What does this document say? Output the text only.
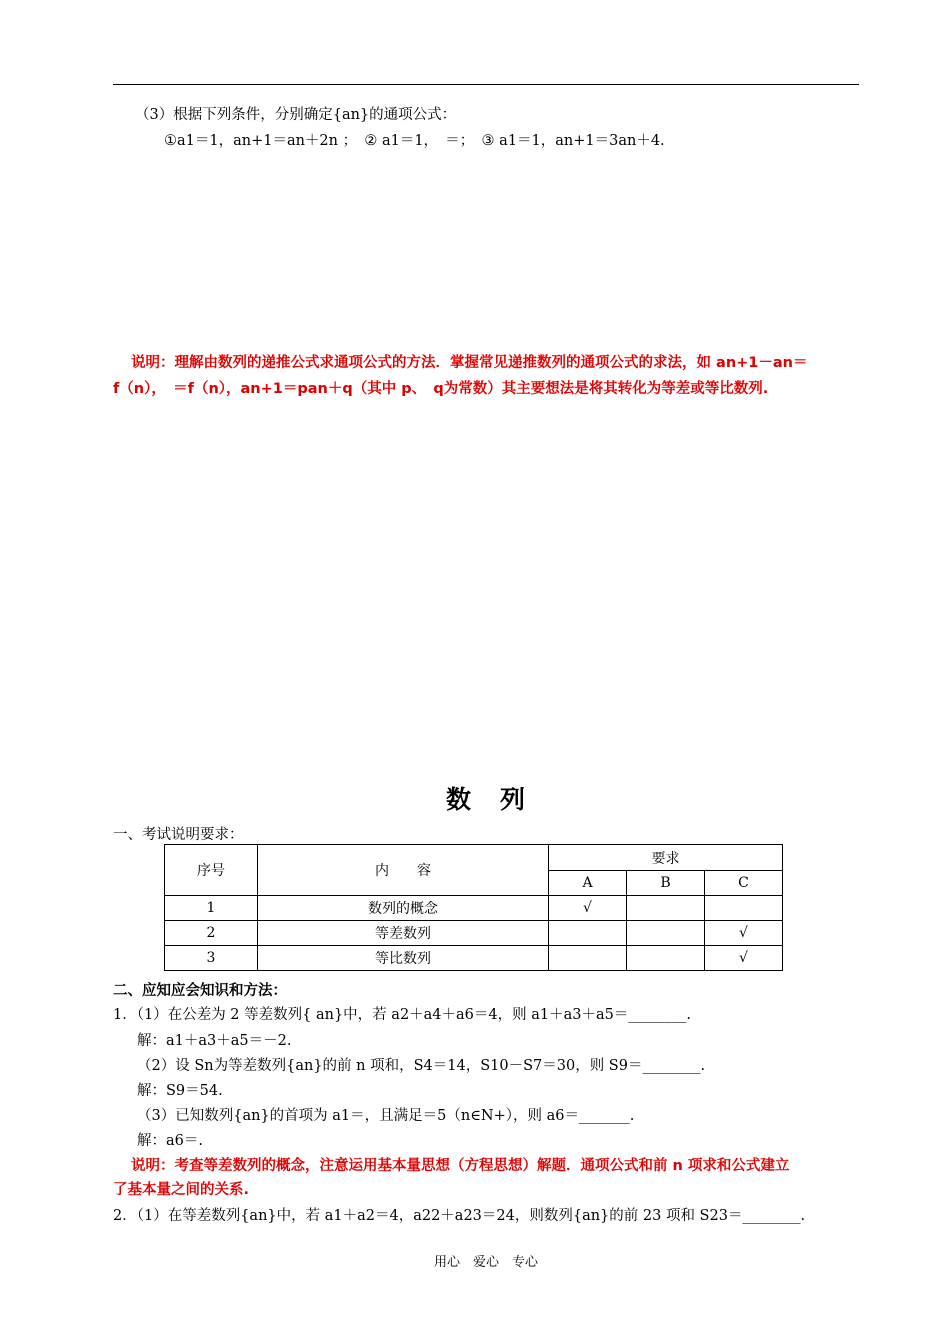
（3）根据下列条件，分别确定{an}的通项公式：
①a1＝1，an+1＝an＋2n ；　② a1＝1，　＝；　③ a1＝1，an+1＝3an＋4.
说明：理解由数列的递推公式求通项公式的方法．掌握常见递推数列的通项公式的求法，如 an+1－an＝
f（n），　＝f（n），an+1＝pan＋q（其中 p、　q为常数）其主要想法是将其转化为等差或等比数列.
数　列
一、考试说明要求：
序号	内　　容	要求		
		A	B	C
1	数列的概念	√		
2	等差数列			√
3	等比数列			√
二、应知应会知识和方法：
1．（1）在公差为 2 等差数列{ an}中，若 a2＋a4＋a6＝4，则 a1＋a3＋a5＝________.
解：a1＋a3＋a5＝－2.
（2）设 Sn为等差数列{an}的前 n 项和，S4＝14，S10－S7＝30，则 S9＝________.
解：S9＝54.
（3）已知数列{an}的首项为 a1＝，且满足＝5（n∈N+），则 a6＝_______.
解：a6＝.
说明：考查等差数列的概念，注意运用基本量思想（方程思想）解题．通项公式和前 n 项求和公式建立
了基本量之间的关系.
2．（1）在等差数列{an}中，若 a1＋a2＝4，a22＋a23＝24，则数列{an}的前 23 项和 S23＝________.
用心　爱心　专心
